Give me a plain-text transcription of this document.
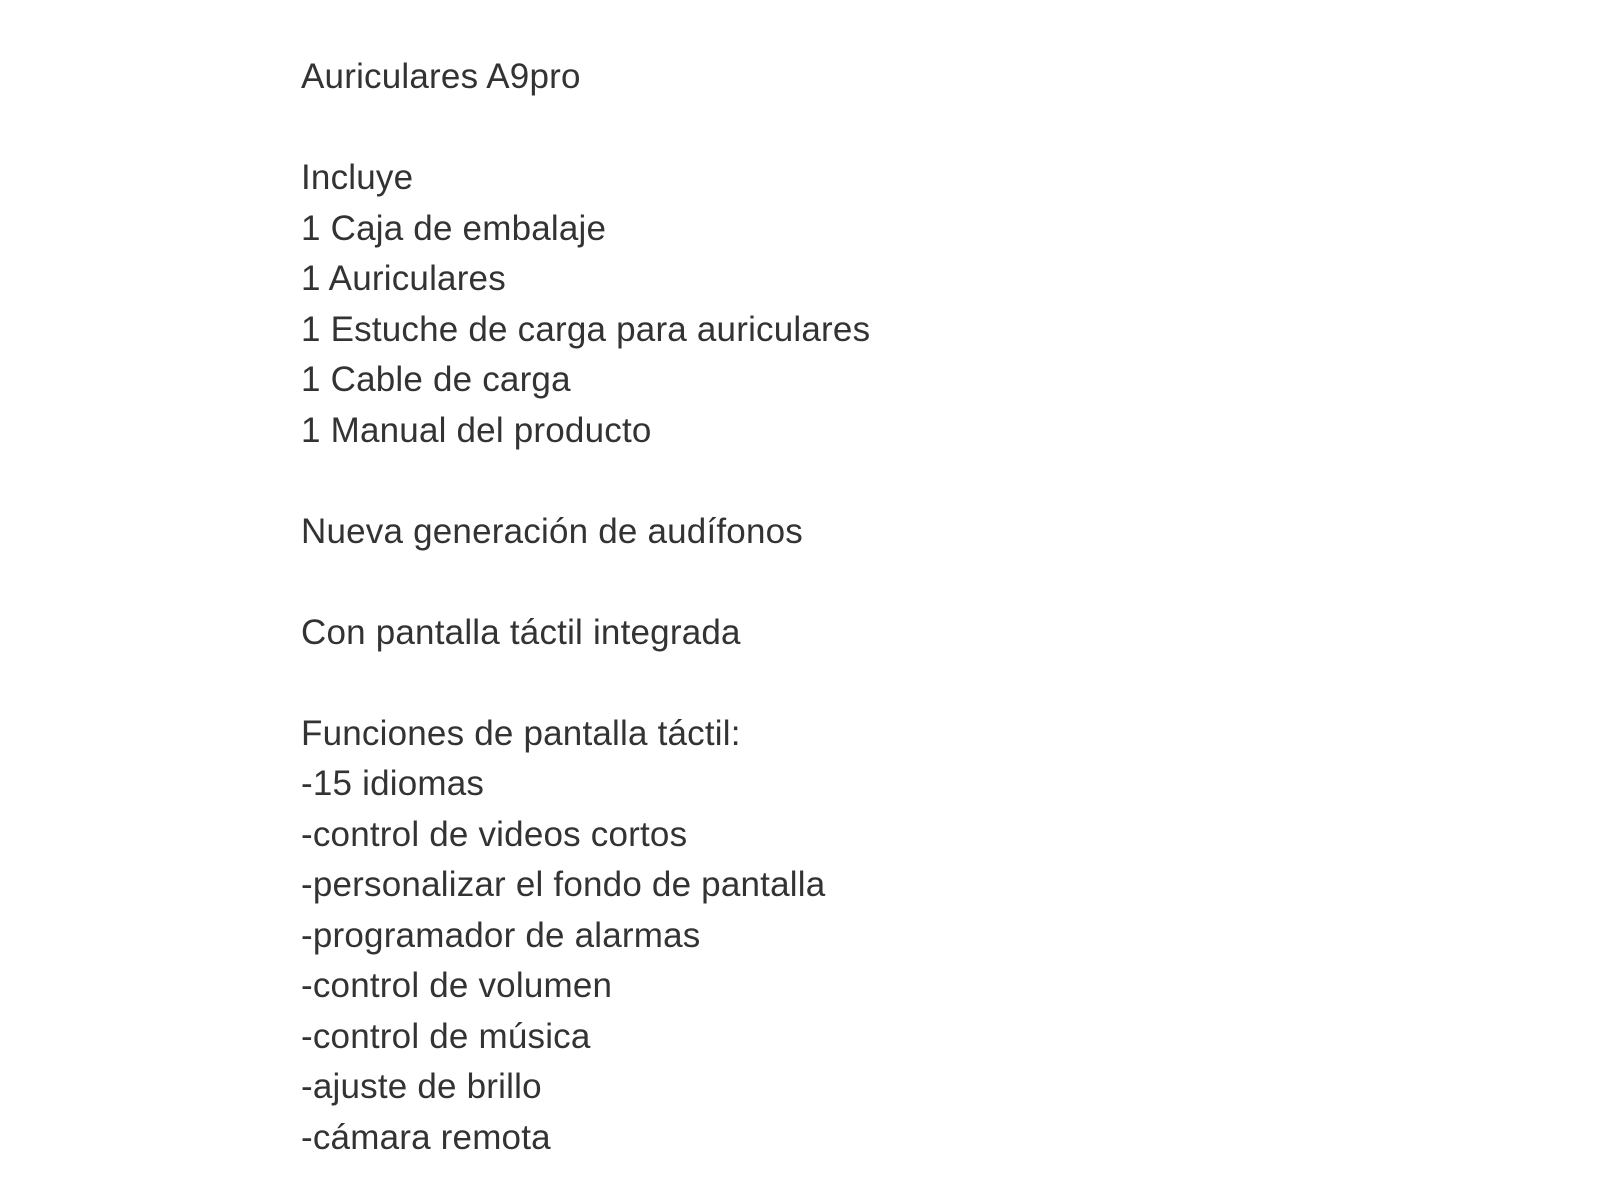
Auriculares A9pro
Incluye
1 Caja de embalaje
1 Auriculares
1 Estuche de carga para auriculares
1 Cable de carga
1 Manual del producto
Nueva generación de audífonos
Con pantalla táctil integrada
Funciones de pantalla táctil:
-15 idiomas
-control de videos cortos
-personalizar el fondo de pantalla
-programador de alarmas
-control de volumen
-control de música
-ajuste de brillo
-cámara remota
